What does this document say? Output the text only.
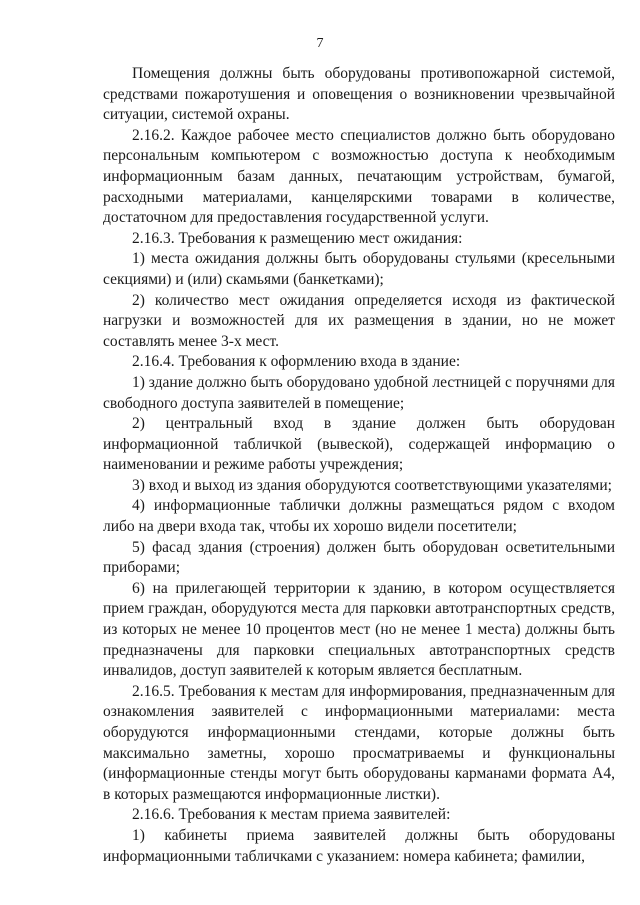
7

Помещения должны быть оборудованы противопожарной системой, средствами пожаротушения и оповещения о возникновении чрезвычайной ситуации, системой охраны.

2.16.2. Каждое рабочее место специалистов должно быть оборудовано персональным компьютером с возможностью доступа к необходимым информационным базам данных, печатающим устройствам, бумагой, расходными материалами, канцелярскими товарами в количестве, достаточном для предоставления государственной услуги.

2.16.3. Требования к размещению мест ожидания:

1) места ожидания должны быть оборудованы стульями (кресельными секциями) и (или) скамьями (банкетками);

2) количество мест ожидания определяется исходя из фактической нагрузки и возможностей для их размещения в здании, но не может составлять менее 3-х мест.

2.16.4. Требования к оформлению входа в здание:

1) здание должно быть оборудовано удобной лестницей с поручнями для свободного доступа заявителей в помещение;

2) центральный вход в здание должен быть оборудован информационной табличкой (вывеской), содержащей информацию о наименовании и режиме работы учреждения;

3) вход и выход из здания оборудуются соответствующими указателями;

4) информационные таблички должны размещаться рядом с входом либо на двери входа так, чтобы их хорошо видели посетители;

5) фасад здания (строения) должен быть оборудован осветительными приборами;

6) на прилегающей территории к зданию, в котором осуществляется прием граждан, оборудуются места для парковки автотранспортных средств, из которых не менее 10 процентов мест (но не менее 1 места) должны быть предназначены для парковки специальных автотранспортных средств инвалидов, доступ заявителей к которым является бесплатным.

2.16.5. Требования к местам для информирования, предназначенным для ознакомления заявителей с информационными материалами: места оборудуются информационными стендами, которые должны быть максимально заметны, хорошо просматриваемы и функциональны (информационные стенды могут быть оборудованы карманами формата А4, в которых размещаются информационные листки).

2.16.6. Требования к местам приема заявителей:

1) кабинеты приема заявителей должны быть оборудованы информационными табличками с указанием: номера кабинета; фамилии,
